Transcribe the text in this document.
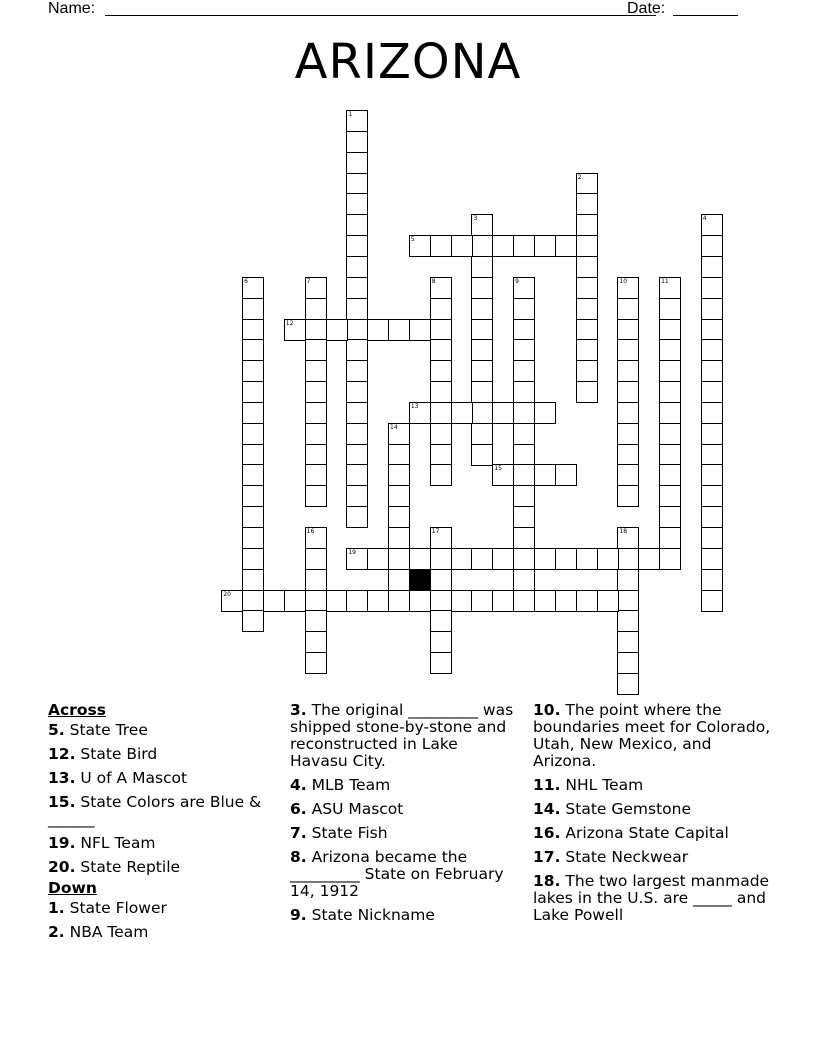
Name:	Date:
ARIZONA
1
2
3	4
5
6	7	8	9	10	11
12
13
14
15
16	17	18
19
20
Across
5. State Tree
12. State Bird
13. U of A Mascot
15. State Colors are Blue & ______
19. NFL Team
20. State Reptile
Down
1. State Flower
2. NBA Team
3. The original _________ was shipped stone-by-stone and reconstructed in Lake Havasu City.
4. MLB Team
6. ASU Mascot
7. State Fish
8. Arizona became the _________ State on February 14, 1912
9. State Nickname
10. The point where the boundaries meet for Colorado, Utah, New Mexico, and Arizona.
11. NHL Team
14. State Gemstone
16. Arizona State Capital
17. State Neckwear
18. The two largest manmade lakes in the U.S. are _____ and Lake Powell
